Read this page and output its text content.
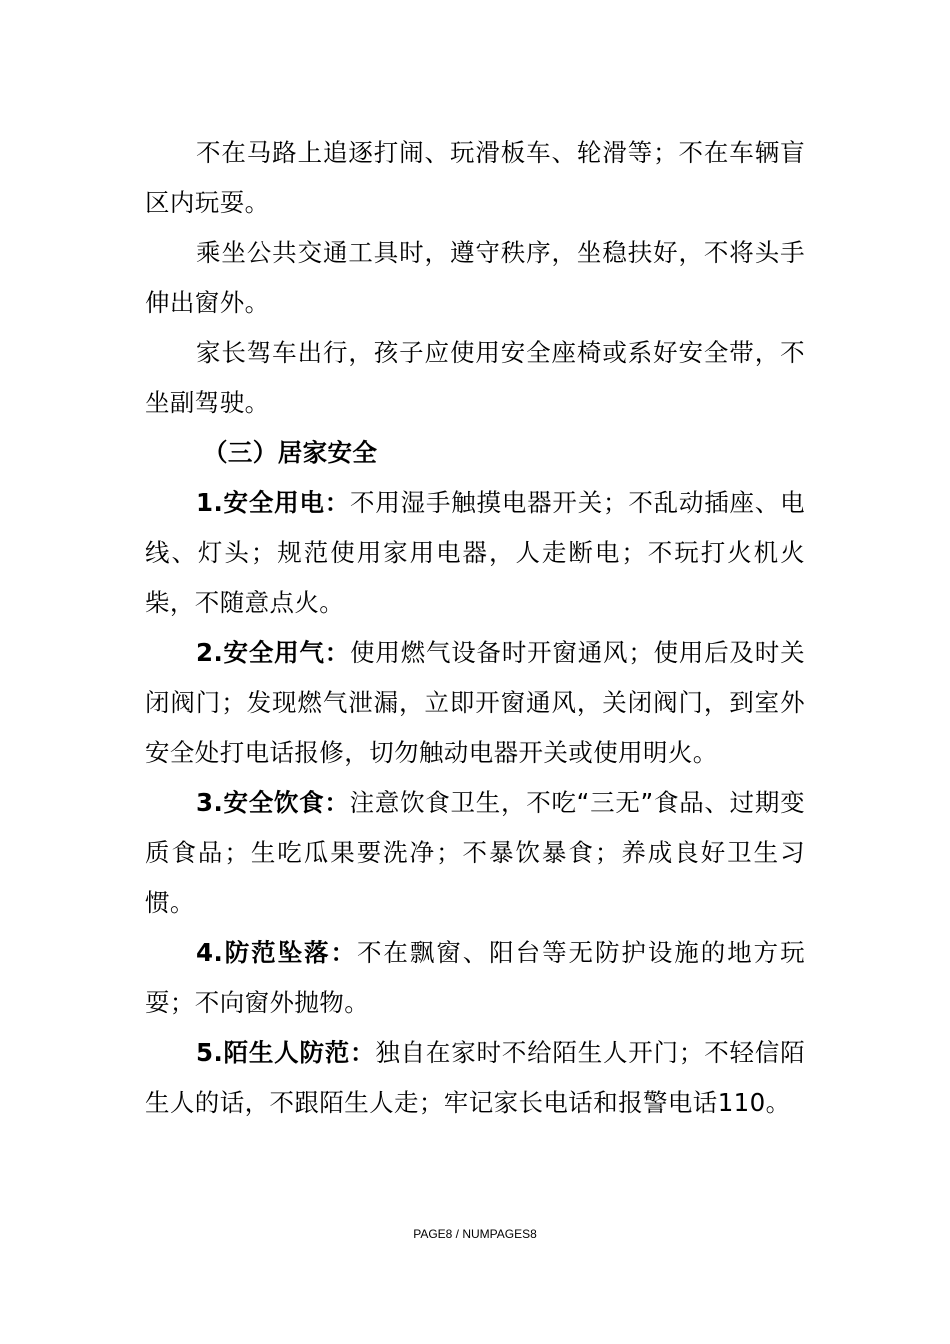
不在马路上追逐打闹、玩滑板车、轮滑等；不在车辆盲区内玩耍。

乘坐公共交通工具时，遵守秩序，坐稳扶好，不将头手伸出窗外。

家长驾车出行，孩子应使用安全座椅或系好安全带，不坐副驾驶。

（三）居家安全

1.安全用电：不用湿手触摸电器开关；不乱动插座、电线、灯头；规范使用家用电器，人走断电；不玩打火机火柴，不随意点火。

2.安全用气：使用燃气设备时开窗通风；使用后及时关闭阀门；发现燃气泄漏，立即开窗通风，关闭阀门，到室外安全处打电话报修，切勿触动电器开关或使用明火。

3.安全饮食：注意饮食卫生，不吃“三无”食品、过期变质食品；生吃瓜果要洗净；不暴饮暴食；养成良好卫生习惯。

4.防范坠落：不在飘窗、阳台等无防护设施的地方玩耍；不向窗外抛物。

5.陌生人防范：独自在家时不给陌生人开门；不轻信陌生人的话，不跟陌生人走；牢记家长电话和报警电话110。

PAGE8 / NUMPAGES8
